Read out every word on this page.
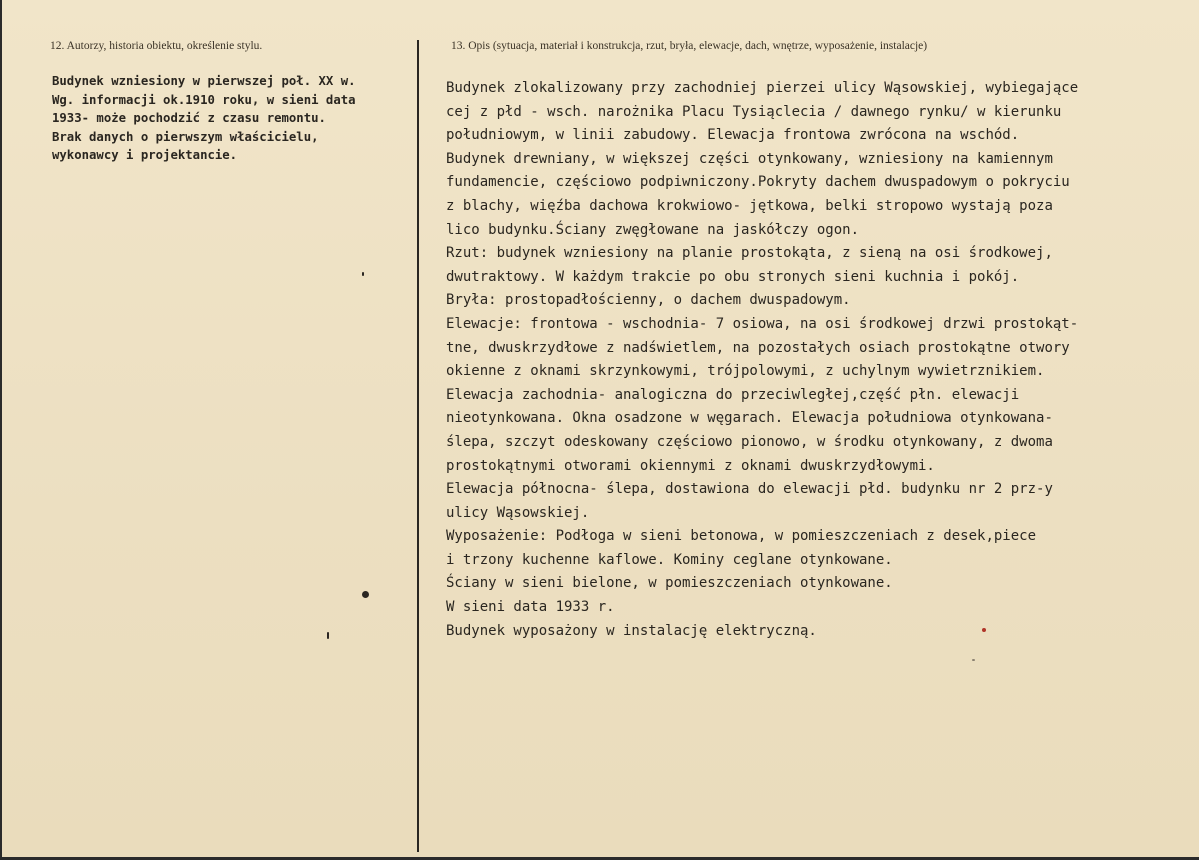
12. Autorzy, historia obiektu, określenie stylu.	13. Opis (sytuacja, materiał i konstrukcja, rzut, bryła, elewacje, dach, wnętrze, wyposażenie, instalacje)
Budynek wzniesiony w pierwszej poł. XX w.
Wg. informacji ok.1910 roku, w sieni data
1933- może pochodzić z czasu remontu.
Brak danych o pierwszym właścicielu,
wykonawcy i projektancie.
Budynek zlokalizowany przy zachodniej pierzei ulicy Wąsowskiej, wybiegające
cej z płd - wsch. narożnika Placu Tysiąclecia / dawnego rynku/ w kierunku
południowym, w linii zabudowy. Elewacja frontowa zwrócona na wschód.
Budynek drewniany, w większej części otynkowany, wzniesiony na kamiennym
fundamencie, częściowo podpiwniczony.Pokryty dachem dwuspadowym o pokryciu
z blachy, więźba dachowa krokwiowo- jętkowa, belki stropowo wystają poza
lico budynku.Ściany zwęgłowane na jaskółczy ogon.
Rzut: budynek wzniesiony na planie prostokąta, z sieną na osi środkowej,
dwutraktowy. W każdym trakcie po obu stronych sieni kuchnia i pokój.
Bryła: prostopadłościenny, o dachem dwuspadowym.
Elewacje: frontowa - wschodnia- 7 osiowa, na osi środkowej drzwi prostokąt-
tne, dwuskrzydłowe z nadświetlem, na pozostałych osiach prostokątne otwory
okienne z oknami skrzynkowymi, trójpolowymi, z uchylnym wywietrznikiem.
Elewacja zachodnia- analogiczna do przeciwległej,część płn. elewacji
nieotynkowana. Okna osadzone w węgarach. Elewacja południowa otynkowana-
ślepa, szczyt odeskowany częściowo pionowo, w środku otynkowany, z dwoma
prostokątnymi otworami okiennymi z oknami dwuskrzydłowymi.
Elewacja północna- ślepa, dostawiona do elewacji płd. budynku nr 2 prz-y
ulicy Wąsowskiej.
Wyposażenie: Podłoga w sieni betonowa, w pomieszczeniach z desek,piece
i trzony kuchenne kaflowe. Kominy ceglane otynkowane.
Ściany w sieni bielone, w pomieszczeniach otynkowane.
W sieni data 1933 r.
Budynek wyposażony w instalację elektryczną.
